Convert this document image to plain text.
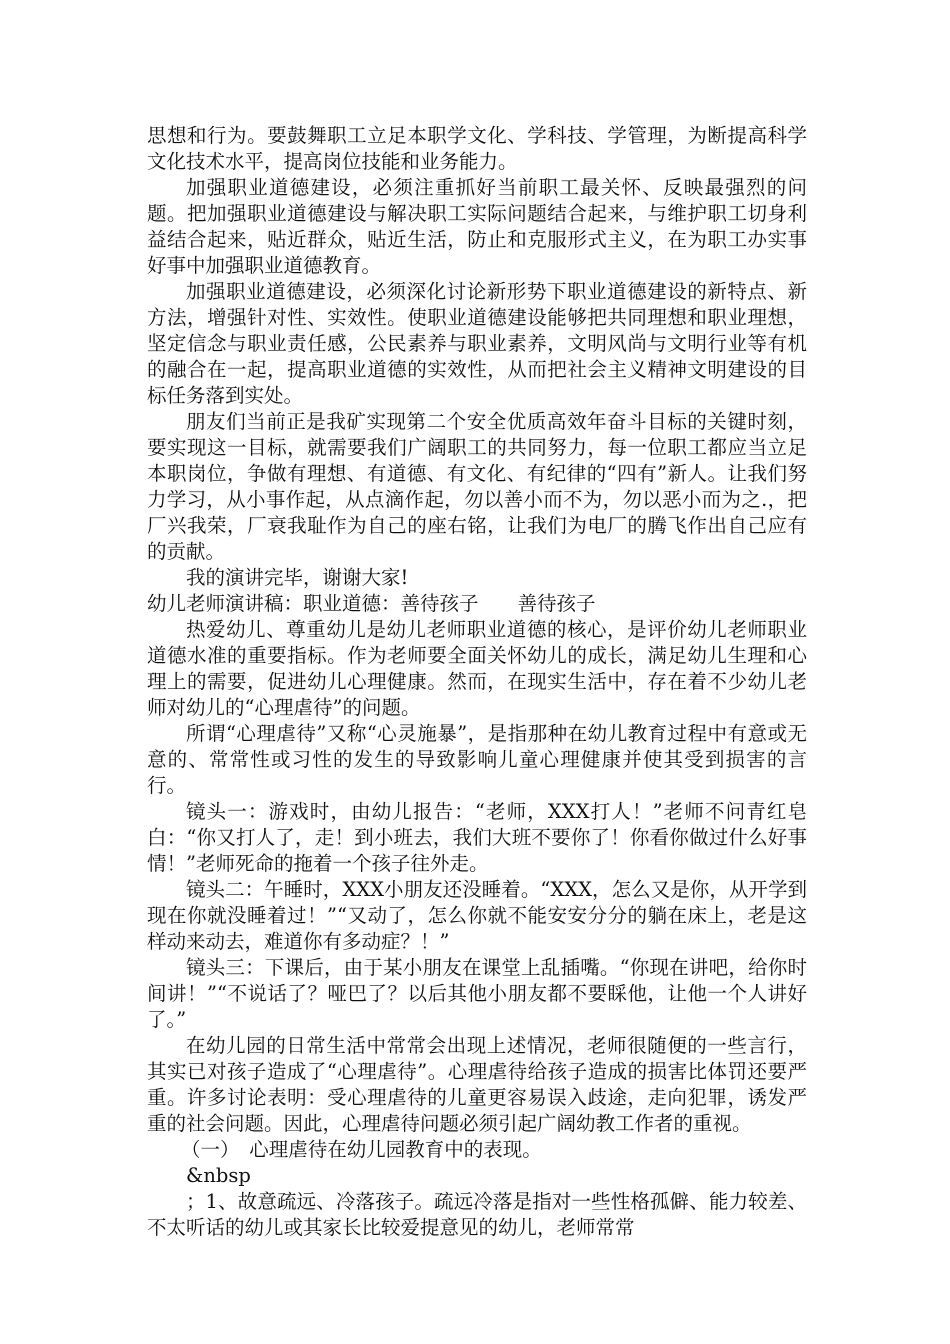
思想和行为。要鼓舞职工立足本职学文化、学科技、学管理，为断提高科学文化技术水平，提高岗位技能和业务能力。

加强职业道德建设，必须注重抓好当前职工最关怀、反映最强烈的问题。把加强职业道德建设与解决职工实际问题结合起来，与维护职工切身利益结合起来，贴近群众，贴近生活，防止和克服形式主义，在为职工办实事好事中加强职业道德教育。

加强职业道德建设，必须深化讨论新形势下职业道德建设的新特点、新方法，增强针对性、实效性。使职业道德建设能够把共同理想和职业理想，坚定信念与职业责任感，公民素养与职业素养，文明风尚与文明行业等有机的融合在一起，提高职业道德的实效性，从而把社会主义精神文明建设的目标任务落到实处。

朋友们当前正是我矿实现第二个安全优质高效年奋斗目标的关键时刻，要实现这一目标，就需要我们广阔职工的共同努力，每一位职工都应当立足本职岗位，争做有理想、有道德、有文化、有纪律的“四有”新人。让我们努力学习，从小事作起，从点滴作起，勿以善小而不为，勿以恶小而为之.，把厂兴我荣，厂衰我耻作为自己的座右铭，让我们为电厂的腾飞作出自己应有的贡献。

我的演讲完毕，谢谢大家!

幼儿老师演讲稿：职业道德：善待孩子　　善待孩子

热爱幼儿、尊重幼儿是幼儿老师职业道德的核心，是评价幼儿老师职业道德水准的重要指标。作为老师要全面关怀幼儿的成长，满足幼儿生理和心理上的需要，促进幼儿心理健康。然而，在现实生活中，存在着不少幼儿老师对幼儿的“心理虐待”的问题。

所谓“心理虐待”又称“心灵施暴”，是指那种在幼儿教育过程中有意或无意的、常常性或习性的发生的导致影响儿童心理健康并使其受到损害的言行。

镜头一：游戏时，由幼儿报告：“老师，XXX打人！”老师不问青红皂白：“你又打人了，走！到小班去，我们大班不要你了！你看你做过什么好事情！”老师死命的拖着一个孩子往外走。

镜头二：午睡时，XXX小朋友还没睡着。“XXX，怎么又是你，从开学到现在你就没睡着过！”“又动了，怎么你就不能安安分分的躺在床上，老是这样动来动去，难道你有多动症？！”

镜头三：下课后，由于某小朋友在课堂上乱插嘴。“你现在讲吧，给你时间讲！”“不说话了？哑巴了？以后其他小朋友都不要睬他，让他一个人讲好了。”

在幼儿园的日常生活中常常会出现上述情况，老师很随便的一些言行，其实已对孩子造成了“心理虐待”。心理虐待给孩子造成的损害比体罚还要严重。许多讨论表明：受心理虐待的儿童更容易误入歧途，走向犯罪，诱发严重的社会问题。因此，心理虐待问题必须引起广阔幼教工作者的重视。

（一）　心理虐待在幼儿园教育中的表现。

&nbsp

；1、故意疏远、冷落孩子。疏远冷落是指对一些性格孤僻、能力较差、不太听话的幼儿或其家长比较爱提意见的幼儿，老师常常
